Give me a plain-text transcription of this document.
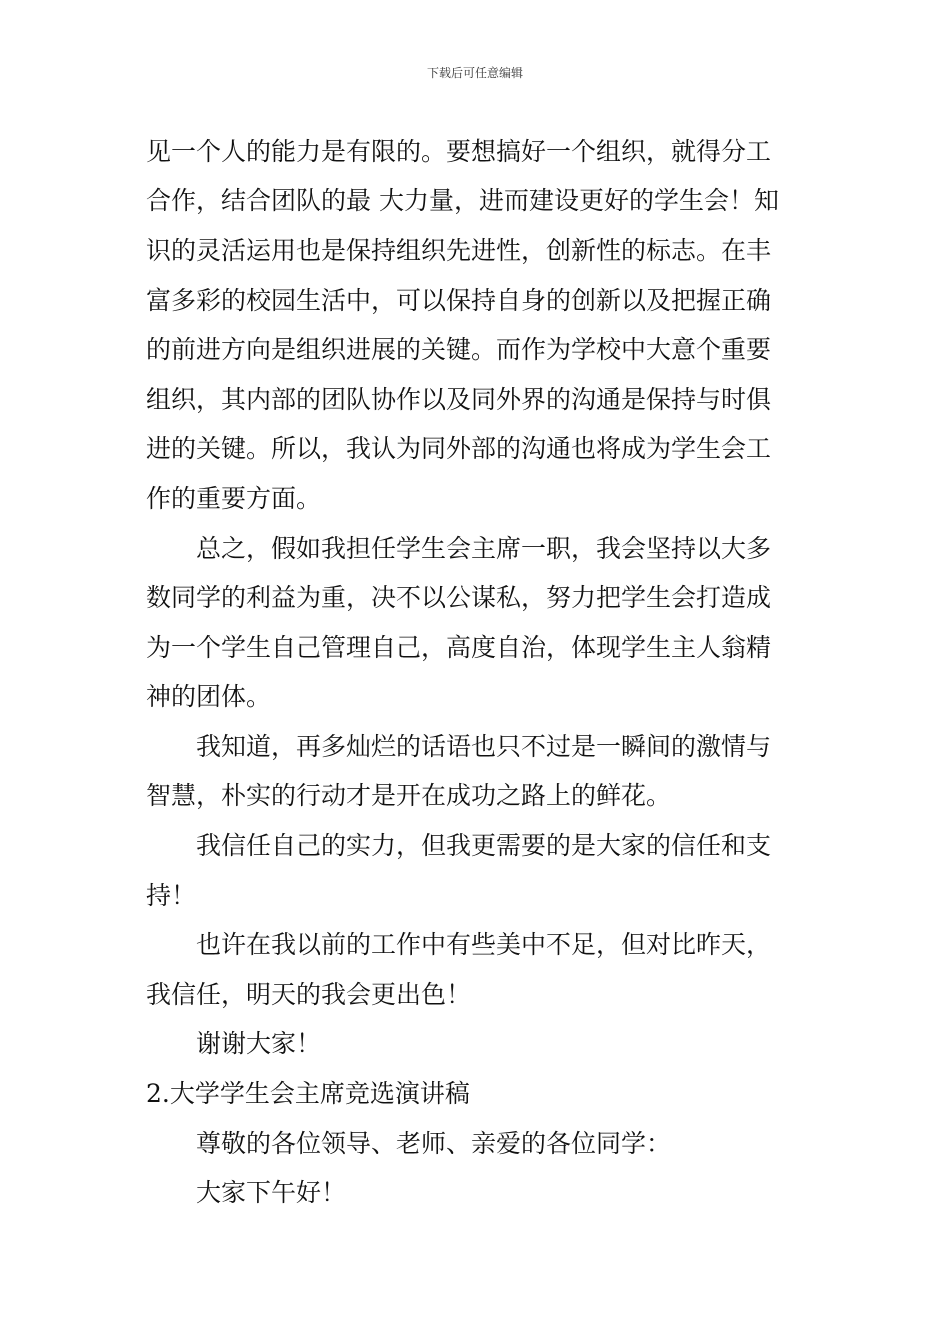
下载后可任意编辑
见一个人的能力是有限的。要想搞好一个组织，就得分工
合作，结合团队的最 大力量，进而建设更好的学生会！知
识的灵活运用也是保持组织先进性，创新性的标志。在丰
富多彩的校园生活中，可以保持自身的创新以及把握正确
的前进方向是组织进展的关键。而作为学校中大意个重要
组织，其内部的团队协作以及同外界的沟通是保持与时俱
进的关键。所以，我认为同外部的沟通也将成为学生会工
作的重要方面。
总之，假如我担任学生会主席一职，我会坚持以大多
数同学的利益为重，决不以公谋私，努力把学生会打造成
为一个学生自己管理自己，高度自治，体现学生主人翁精
神的团体。
我知道，再多灿烂的话语也只不过是一瞬间的激情与
智慧，朴实的行动才是开在成功之路上的鲜花。
我信任自己的实力，但我更需要的是大家的信任和支
持！
也许在我以前的工作中有些美中不足，但对比昨天，
我信任，明天的我会更出色！
谢谢大家！
2.大学学生会主席竞选演讲稿
尊敬的各位领导、老师、亲爱的各位同学：
大家下午好！
